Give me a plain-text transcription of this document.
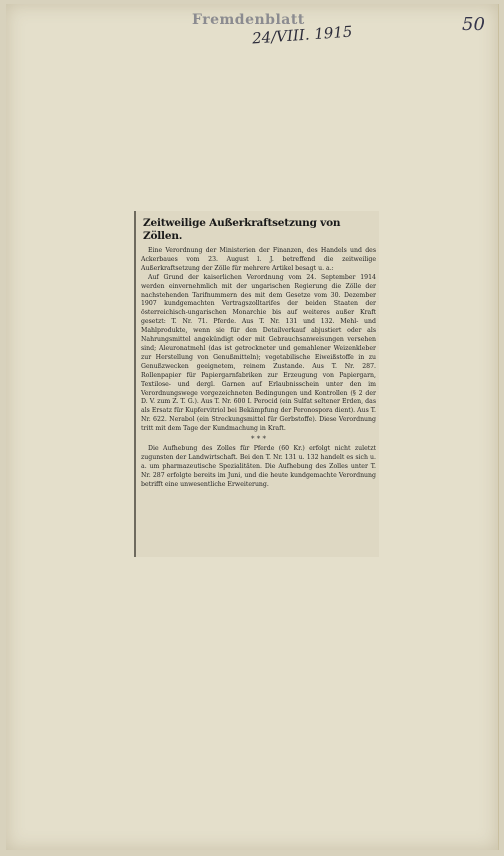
Fremdenblatt
24/VIII. 1915	50
Zeitweilige Außerkraftsetzung von Zöllen.

Eine Verordnung der Ministerien der Finanzen, des Handels und des Ackerbaues vom 23. August l. J. betreffend die zeitweilige Außerkraftsetzung der Zölle für mehrere Artikel besagt u. a.:

Auf Grund der kaiserlichen Verordnung vom 24. September 1914 werden einvernehmlich mit der ungarischen Regierung die Zölle der nachstehenden Tarifnummern des mit dem Gesetze vom 30. Dezember 1907 kundgemachten Vertragszolltarifes der beiden Staaten der österreichisch-ungarischen Monarchie bis auf weiteres außer Kraft gesetzt: T. Nr. 71. Pferde. Aus T. Nr. 131 und 132. Mehl- und Mahlprodukte, wenn sie für den Detailverkauf abjustiert oder als Nahrungsmittel angekündigt oder mit Gebrauchsanweisungen versehen sind; Aleuronatmehl (das ist getrockneter und gemahlener Weizenkleber zur Herstellung von Genußmitteln); vegetabilische Eiweißstoffe in zu Genußzwecken geeignetem, reinem Zustande. Aus T. Nr. 287. Rollenpapier für Papiergarnfabriken zur Erzeugung von Papiergarn, Textilose- und dergl. Garnen auf Erlaubnisschein unter den im Verordnungswege vorgezeichneten Bedingungen und Kontrollen (§ 2 der D. V. zum Z. T. G.). Aus T. Nr. 600 I. Perocid (ein Sulfat seltener Erden, das als Ersatz für Kupfervitriol bei Bekämpfung der Peronospora dient). Aus T. Nr. 622. Nerabol (ein Streckungsmittel für Gerbstoffe). Diese Verordnung tritt mit dem Tage der Kundmachung in Kraft.

* * *

Die Aufhebung des Zolles für Pferde (60 Kr.) erfolgt nicht zuletzt zugunsten der Landwirtschaft. Bei den T. Nr. 131 u. 132 handelt es sich u. a. um pharmazeutische Spezialitäten. Die Aufhebung des Zolles unter T. Nr. 287 erfolgte bereits im Juni, und die heute kundgemachte Verordnung betrifft eine unwesentliche Erweiterung.
